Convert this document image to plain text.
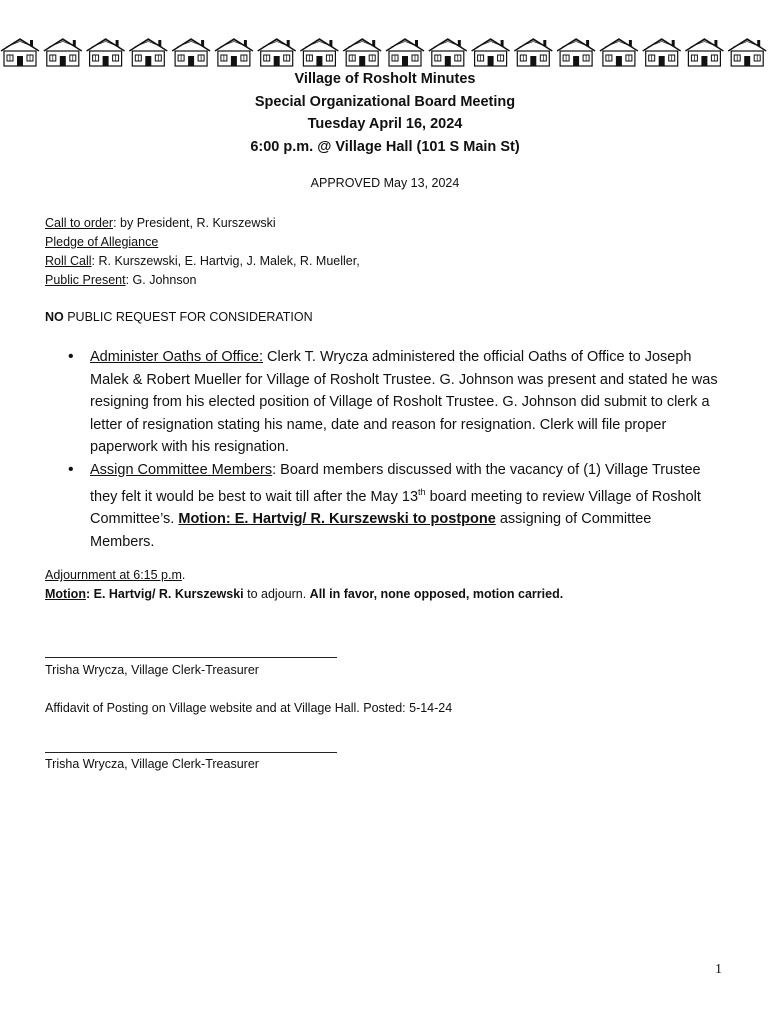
Village of Rosholt Minutes
Special Organizational Board Meeting
Tuesday April 16, 2024
6:00 p.m. @ Village Hall (101 S Main St)
APPROVED May 13, 2024
Call to order: by President, R. Kurszewski
Pledge of Allegiance
Roll Call: R. Kurszewski, E. Hartvig, J. Malek, R. Mueller,
Public Present: G. Johnson
NO PUBLIC REQUEST FOR CONSIDERATION
• Administer Oaths of Office: Clerk T. Wrycza administered the official Oaths of Office to Joseph Malek & Robert Mueller for Village of Rosholt Trustee. G. Johnson was present and stated he was resigning from his elected position of Village of Rosholt Trustee. G. Johnson did submit to clerk a letter of resignation stating his name, date and reason for resignation. Clerk will file proper paperwork with his resignation.
• Assign Committee Members: Board members discussed with the vacancy of (1) Village Trustee they felt it would be best to wait till after the May 13th board meeting to review Village of Rosholt Committee’s. Motion: E. Hartvig/ R. Kurszewski to postpone assigning of Committee Members.
Adjournment at 6:15 p.m.
Motion: E. Hartvig/ R. Kurszewski to adjourn. All in favor, none opposed, motion carried.
Trisha Wrycza, Village Clerk-Treasurer
Affidavit of Posting on Village website and at Village Hall. Posted: 5-14-24
Trisha Wrycza, Village Clerk-Treasurer
1
